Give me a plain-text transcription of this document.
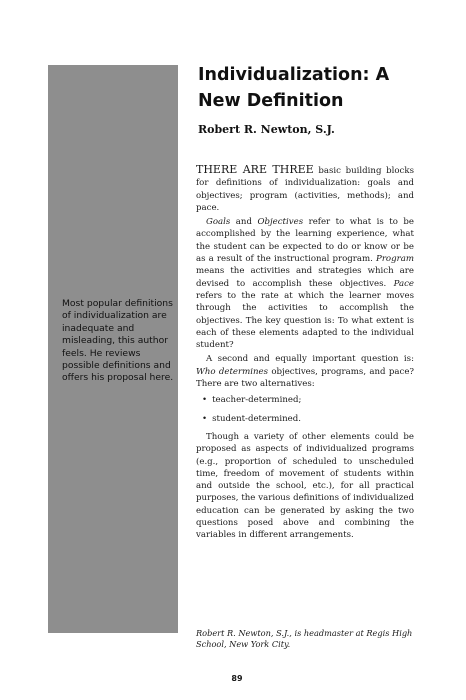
Most popular definitions of individualization are inadequate and misleading, this author feels. He reviews possible definitions and offers his proposal here.
Individualization: A
New Definition
Robert R. Newton, S.J.

THERE ARE THREE basic building blocks for definitions of individualization: goals and objectives; program (activities, methods); and pace.

Goals and Objectives refer to what is to be accomplished by the learning experience, what the student can be expected to do or know or be as a result of the instructional program. Program means the activities and strategies which are devised to accomplish these objectives. Pace refers to the rate at which the learner moves through the activities to accomplish the objectives. The key question is: To what extent is each of these elements adapted to the individual student?

A second and equally important question is: Who determines objectives, programs, and pace? There are two alternatives:

• teacher-determined;
• student-determined.

Though a variety of other elements could be proposed as aspects of individualized programs (e.g., proportion of scheduled to unscheduled time, freedom of movement of students within and outside the school, etc.), for all practical purposes, the various definitions of individualized education can be generated by asking the two questions posed above and combining the variables in different arrangements.

Robert R. Newton, S.J., is headmaster at Regis High School, New York City.
89
